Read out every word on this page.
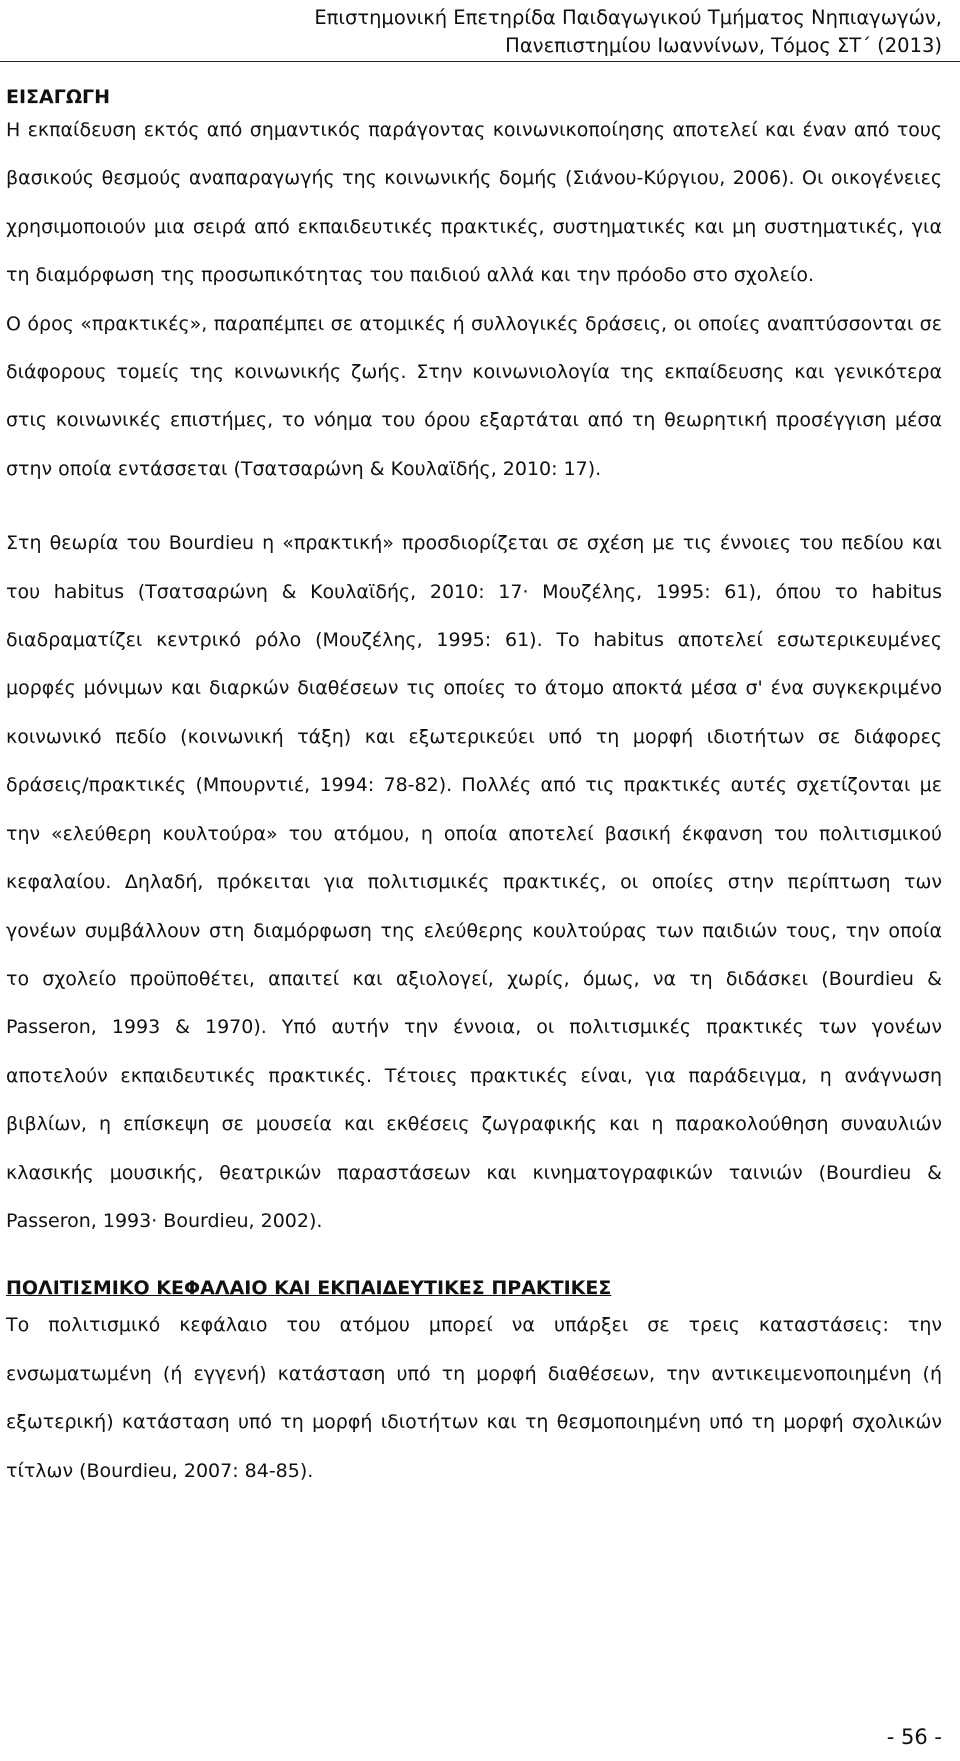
Επιστημονική Επετηρίδα Παιδαγωγικού Τμήματος Νηπιαγωγών,
Πανεπιστημίου Ιωαννίνων, Τόμος ΣΤ΄ (2013)
ΕΙΣΑΓΩΓΗ

Η εκπαίδευση εκτός από σημαντικός παράγοντας κοινωνικοποίησης αποτελεί και έναν από τους βασικούς θεσμούς αναπαραγωγής της κοινωνικής δομής (Σιάνου-Κύργιου, 2006). Οι οικογένειες χρησιμοποιούν μια σειρά από εκπαιδευτικές πρακτικές, συστηματικές και μη συστηματικές, για τη διαμόρφωση της προσωπικότητας του παιδιού αλλά και την πρόοδο στο σχολείο.

Ο όρος «πρακτικές», παραπέμπει σε ατομικές ή συλλογικές δράσεις, οι οποίες αναπτύσσονται σε διάφορους τομείς της κοινωνικής ζωής. Στην κοινωνιολογία της εκπαίδευσης και γενικότερα στις κοινωνικές επιστήμες, το νόημα του όρου εξαρτάται από τη θεωρητική προσέγγιση μέσα στην οποία εντάσσεται (Τσατσαρώνη & Κουλαϊδής, 2010: 17).

Στη θεωρία του Bourdieu η «πρακτική» προσδιορίζεται σε σχέση με τις έννοιες του πεδίου και του habitus (Τσατσαρώνη & Κουλαϊδής, 2010: 17· Μουζέλης, 1995: 61), όπου το habitus διαδραματίζει κεντρικό ρόλο (Μουζέλης, 1995: 61). Το habitus αποτελεί εσωτερικευμένες μορφές μόνιμων και διαρκών διαθέσεων τις οποίες το άτομο αποκτά μέσα σ' ένα συγκεκριμένο κοινωνικό πεδίο (κοινωνική τάξη) και εξωτερικεύει υπό τη μορφή ιδιοτήτων σε διάφορες δράσεις/πρακτικές (Μπουρντιέ, 1994: 78-82). Πολλές από τις πρακτικές αυτές σχετίζονται με την «ελεύθερη κουλτούρα» του ατόμου, η οποία αποτελεί βασική έκφανση του πολιτισμικού κεφαλαίου. Δηλαδή, πρόκειται για πολιτισμικές πρακτικές, οι οποίες στην περίπτωση των γονέων συμβάλλουν στη διαμόρφωση της ελεύθερης κουλτούρας των παιδιών τους, την οποία το σχολείο προϋποθέτει, απαιτεί και αξιολογεί, χωρίς, όμως, να τη διδάσκει (Bourdieu & Passeron, 1993 & 1970). Υπό αυτήν την έννοια, οι πολιτισμικές πρακτικές των γονέων αποτελούν εκπαιδευτικές πρακτικές. Τέτοιες πρακτικές είναι, για παράδειγμα, η ανάγνωση βιβλίων, η επίσκεψη σε μουσεία και εκθέσεις ζωγραφικής και η παρακολούθηση συναυλιών κλασικής μουσικής, θεατρικών παραστάσεων και κινηματογραφικών ταινιών (Bourdieu & Passeron, 1993· Bourdieu, 2002).

ΠΟΛΙΤΙΣΜΙΚΟ ΚΕΦΑΛΑΙΟ ΚΑΙ ΕΚΠΑΙΔΕΥΤΙΚΕΣ ΠΡΑΚΤΙΚΕΣ

Το πολιτισμικό κεφάλαιο του ατόμου μπορεί να υπάρξει σε τρεις καταστάσεις: την ενσωματωμένη (ή εγγενή) κατάσταση υπό τη μορφή διαθέσεων, την αντικειμενοποιημένη (ή εξωτερική) κατάσταση υπό τη μορφή ιδιοτήτων και τη θεσμοποιημένη υπό τη μορφή σχολικών τίτλων (Bourdieu, 2007: 84-85).

- 56 -
